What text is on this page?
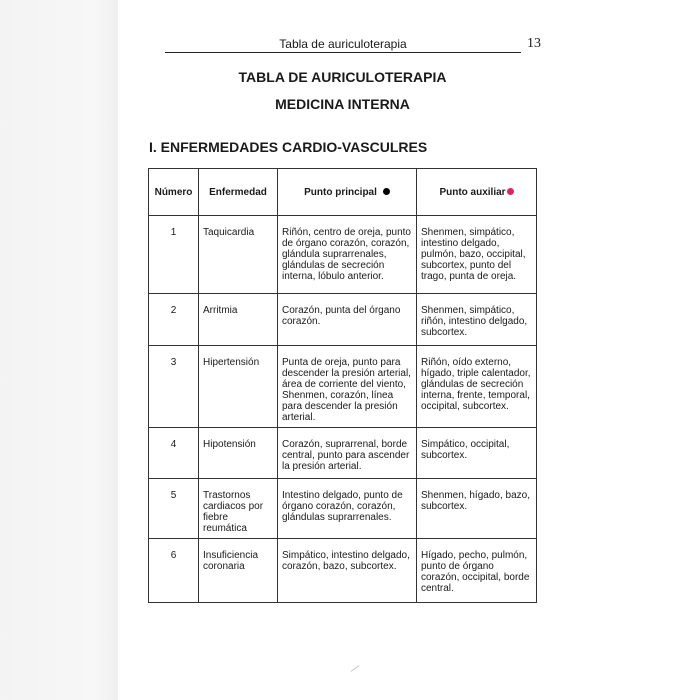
Tabla de auriculoterapia	13
TABLA DE AURICULOTERAPIA
MEDICINA INTERNA
I. ENFERMEDADES CARDIO-VASCULRES
Número	Enfermedad	Punto principal	Punto auxiliar

1	Taquicardia	Riñón, centro de oreja, punto de órgano corazón, corazón, glándula suprarrenales, glándulas de secreción interna, lóbulo anterior.	Shenmen, simpático, intestino delgado, pulmón, bazo, occipital, subcortex, punto del trago, punta de oreja.

2	Arritmia	Corazón, punta del órgano corazón.	Shenmen, simpático, riñón, intestino delgado, subcortex.

3	Hipertensión	Punta de oreja, punto para descender la presión arterial, área de corriente del viento, Shenmen, corazón, línea para descender la presión arterial.	Riñón, oído externo, hígado, triple calentador, glándulas de secreción interna, frente, temporal, occipital, subcortex.

4	Hipotensión	Corazón, suprarrenal, borde central, punto para ascender la presión arterial.	Simpático, occipital, subcortex.

5	Trastornos cardiacos por fiebre reumática	Intestino delgado, punto de órgano corazón, corazón, glándulas suprarrenales.	Shenmen, hígado, bazo, subcortex.

6	Insuficiencia coronaria	Simpático, intestino delgado, corazón, bazo, subcortex.	Hígado, pecho, pulmón, punto de órgano corazón, occipital, borde central.
